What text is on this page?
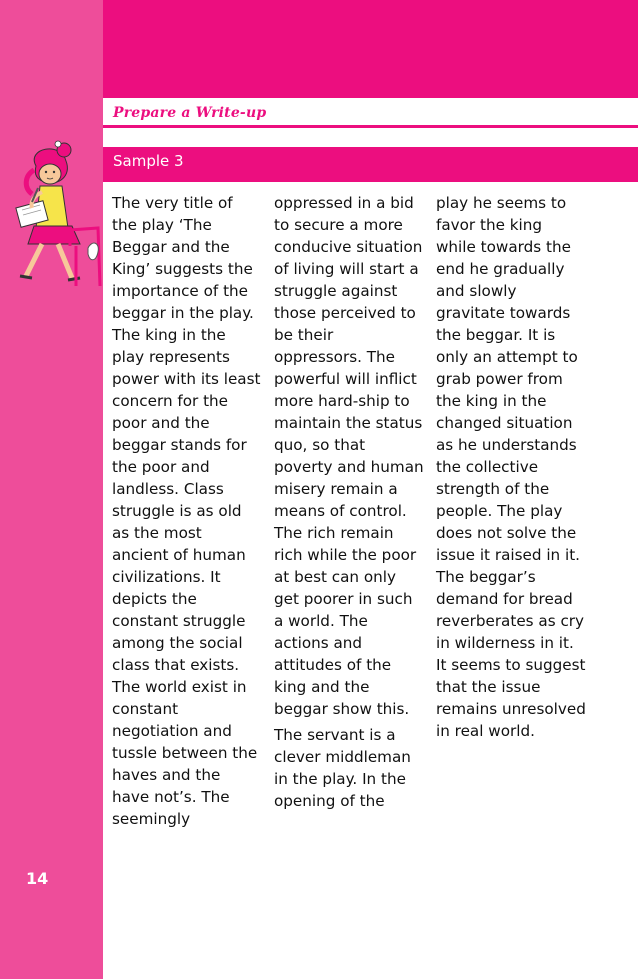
Prepare a Write-up
Sample 3

The very title of the play ‘The Beggar and the King’ suggests the importance of the beggar in the play. The king in the play represents power with its least concern for the poor and the beggar stands for the poor and landless. Class struggle is as old as the most ancient of human civilizations. It depicts the constant struggle among the social class that exists. The world exist in constant negotiation and tussle between the haves and the have not’s. The seemingly

oppressed in a bid to secure a more conducive situation of living will start a struggle against those perceived to be their oppressors. The powerful will inflict more hard-ship to maintain the status quo, so that poverty and human misery remain a means of control. The rich remain rich while the poor at best can only get poorer in such a world. The actions and attitudes of the king and the beggar show this.

The servant is a clever middleman in the play. In the opening of the

play he seems to favor the king while towards the end he gradually and slowly gravitate towards the beggar. It is only an attempt to grab power from the king in the changed situation as he understands the collective strength of the people. The play does not solve the issue it raised in it. The beggar’s demand for bread reverberates as cry in wilderness in it. It seems to suggest that the issue remains unresolved in real world.

14
